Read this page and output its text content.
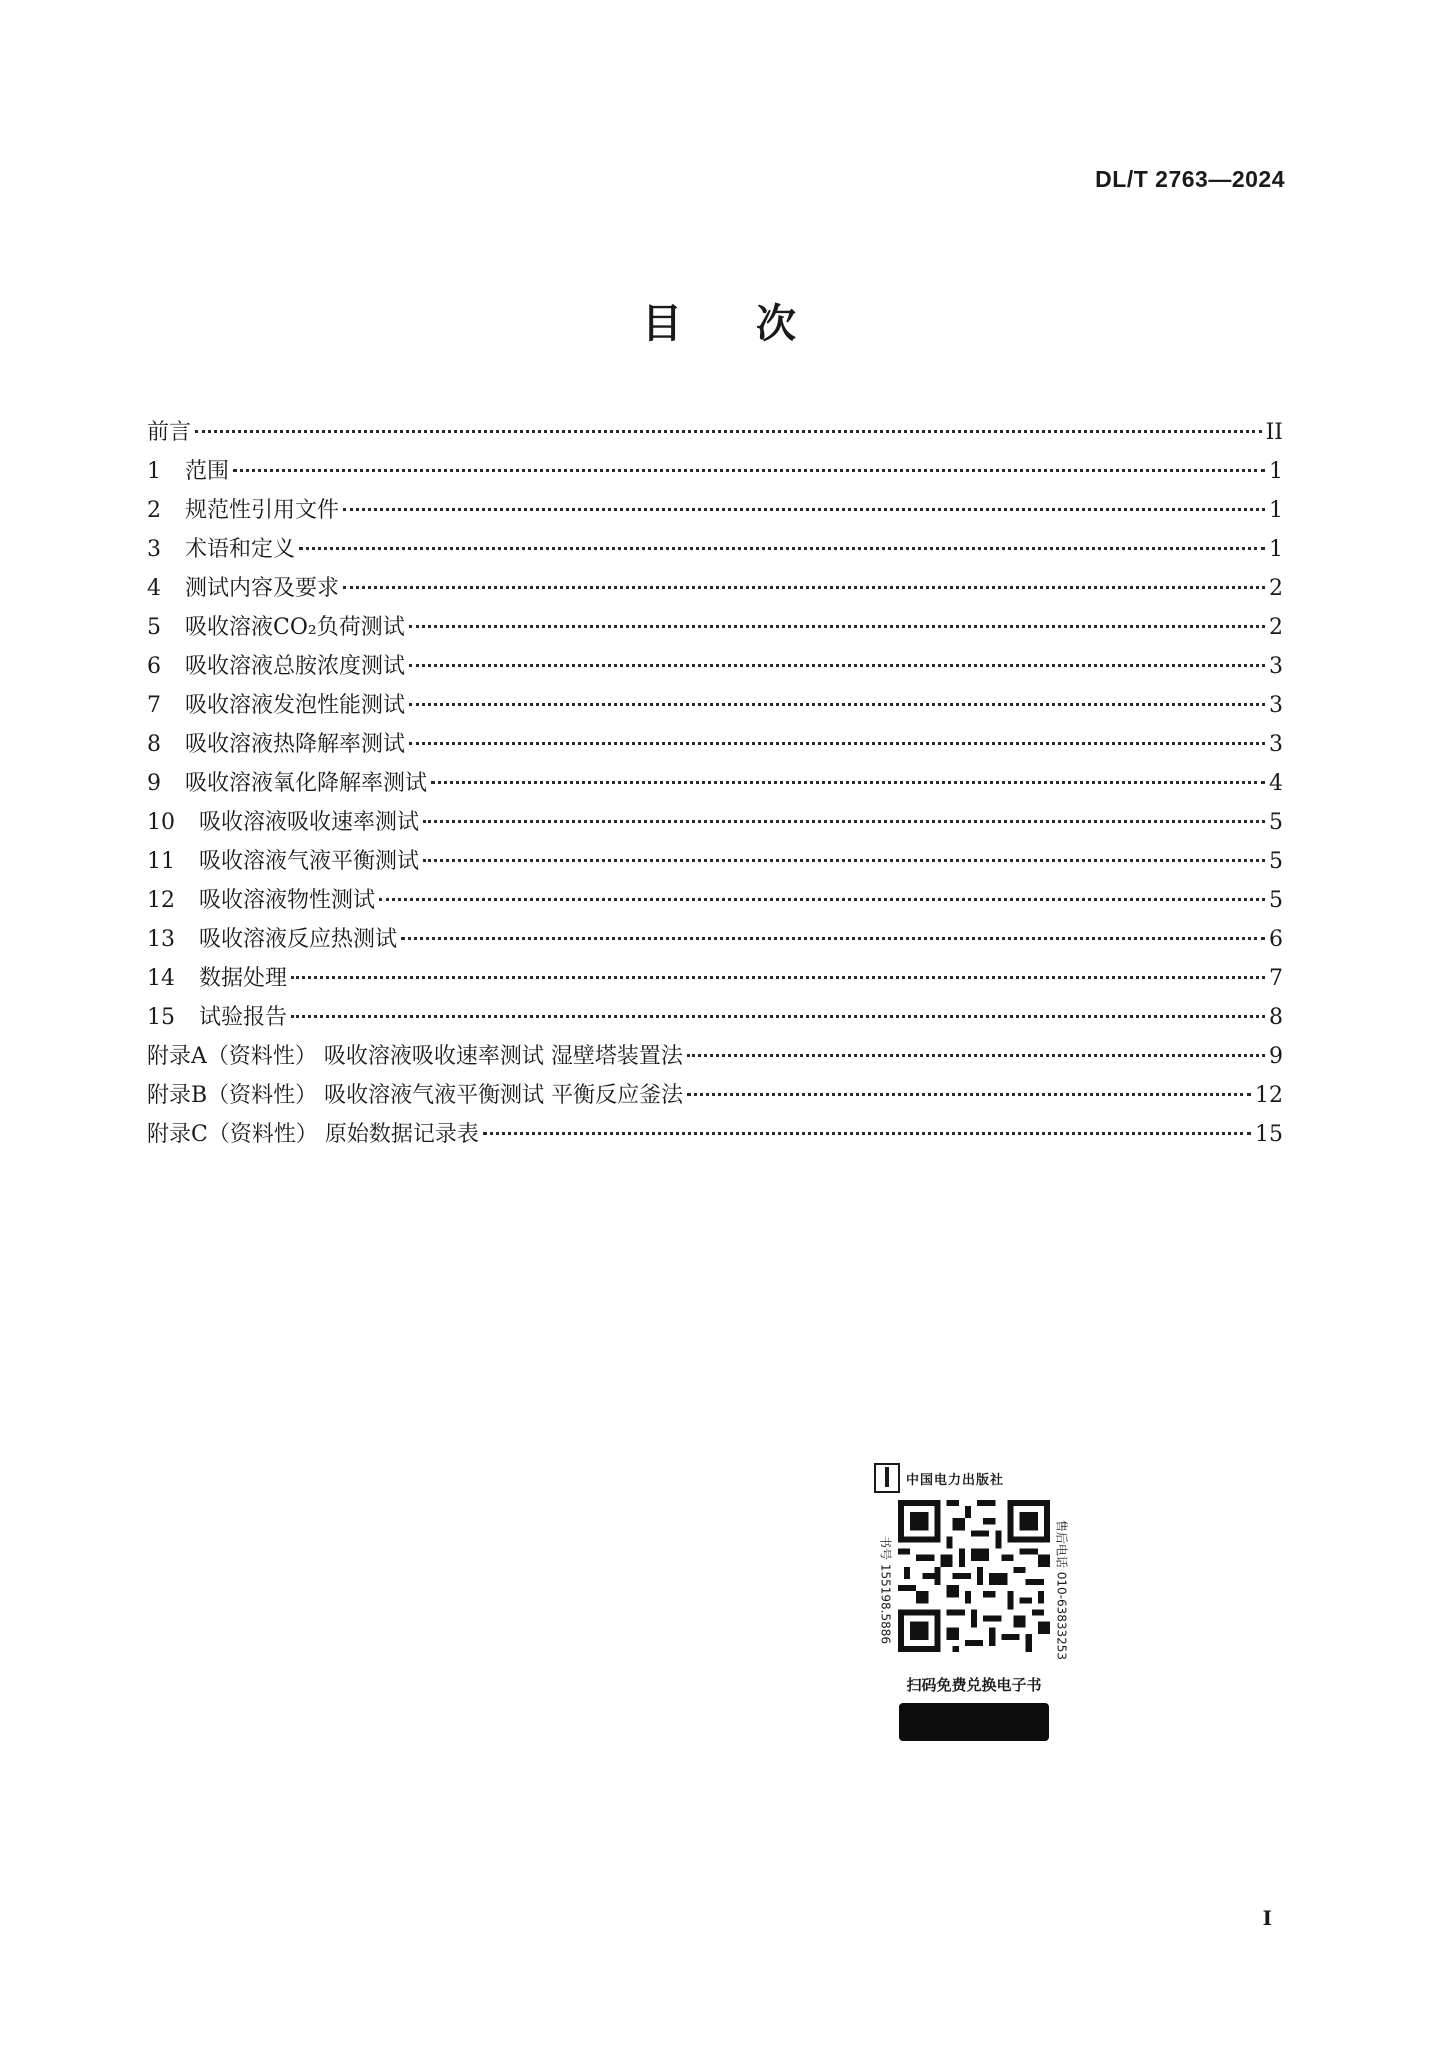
DL/T 2763—2024
目次
前言	II
1	范围	1
2	规范性引用文件	1
3	术语和定义	1
4	测试内容及要求	2
5	吸收溶液CO₂负荷测试	2
6	吸收溶液总胺浓度测试	3
7	吸收溶液发泡性能测试	3
8	吸收溶液热降解率测试	3
9	吸收溶液氧化降解率测试	4
10	吸收溶液吸收速率测试	5
11	吸收溶液气液平衡测试	5
12	吸收溶液物性测试	5
13	吸收溶液反应热测试	6
14	数据处理	7
15	试验报告	8
附录A（资料性） 吸收溶液吸收速率测试 湿壁塔装置法	9
附录B（资料性） 吸收溶液气液平衡测试 平衡反应釜法	12
附录C（资料性） 原始数据记录表	15
中国电力出版社
书号 155198.5886	售后电话 010-63833253
扫码免费兑换电子书
I
